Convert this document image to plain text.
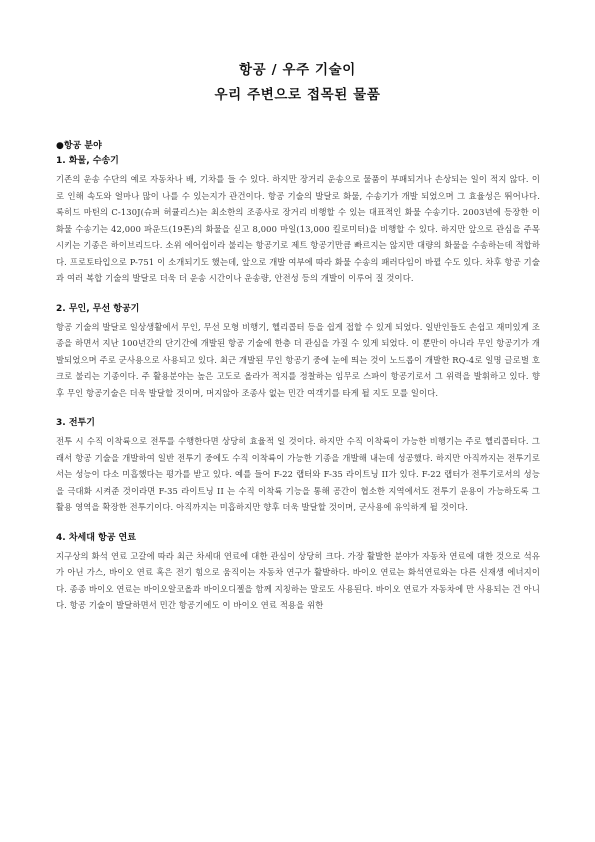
항공 / 우주 기술이
우리 주변으로 접목된 물품

●항공 분야

1. 화물, 수송기

기존의 운송 수단의 예로 자동차나 배, 기차를 들 수 있다. 하지만 장거리 운송으로 물품이 부패되거나 손상되는 일이 적지 않다. 이로 인해 속도와 얼마나 많이 나를 수 있는지가 관건이다. 항공 기술의 발달로 화물, 수송기가 개발 되었으며 그 효율성은 뛰어나다. 록히드 마틴의 C-130J(슈퍼 허큘리스)는 최소한의 조종사로 장거리 비행할 수 있는 대표적인 화물 수송기다. 2003년에 등장한 이 화물 수송기는 42,000 파운드(19톤)의 화물을 싣고 8,000 마일(13,000 킬로미터)을 비행할 수 있다. 하지만 앞으로 관심을 주목시키는 기종은 하이브리드다. 소위 에어쉽이라 불리는 항공기로 제트 항공기만큼 빠르지는 않지만 대량의 화물을 수송하는데 적합하다. 프로토타입으로 P-751 이 소개되기도 했는데, 앞으로 개발 여부에 따라 화물 수송의 패러다임이 바뀔 수도 있다. 차후 항공 기술과 여러 복합 기술의 발달로 더욱 더 운송 시간이나 운송량, 안전성 등의 개발이 이루어 질 것이다.

2. 무인, 무선 항공기

항공 기술의 발달로 일상생활에서 무인, 무선 모형 비행기, 헬리콥터 등을 쉽게 접할 수 있게 되었다. 일반인들도 손쉽고 재미있게 조종을 하면서 지난 100년간의 단기간에 개발된 항공 기술에 한층 더 관심을 가질 수 있게 되었다. 이 뿐만이 아니라 무인 항공기가 개발되었으며 주로 군사용으로 사용되고 있다. 최근 개발된 무인 항공기 중에 눈에 띄는 것이 노드롭이 개발한 RQ-4로 일명 글로벌 호크로 불리는 기종이다. 주 활용분야는 높은 고도로 올라가 적지를 정찰하는 임무로 스파이 항공기로서 그 위력을 발휘하고 있다. 향후 무인 항공기술은 더욱 발달할 것이며, 머지않아 조종사 없는 민간 여객기를 타게 될 지도 모를 일이다.

3. 전투기

전투 시 수직 이착륙으로 전투를 수행한다면 상당히 효율적 일 것이다. 하지만 수직 이착륙이 가능한 비행기는 주로 헬리콥터다. 그래서 항공 기술을 개발하여 일반 전투기 중에도 수직 이착륙이 가능한 기종을 개발해 내는데 성공했다. 하지만 아직까지는 전투기로서는 성능이 다소 미흡했다는 평가를 받고 있다. 예를 들어 F-22 랩터와 F-35 라이트닝 II가 있다. F-22 랩터가 전투기로서의 성능을 극대화 시켜준 것이라면 F-35 라이트닝 II 는 수직 이착륙 기능을 통해 공간이 협소한 지역에서도 전투기 운용이 가능하도록 그 활용 영역을 확장한 전투기이다. 아직까지는 미흡하지만 향후 더욱 발달할 것이며, 군사용에 유익하게 될 것이다.

4. 차세대 항공 연료

지구상의 화석 연료 고갈에 따라 최근 차세대 연료에 대한 관심이 상당히 크다. 가장 활발한 분야가 자동차 연료에 대한 것으로 석유가 아닌 가스, 바이오 연료 혹은 전기 힘으로 움직이는 자동차 연구가 활발하다. 바이오 연료는 화석연료와는 다른 신재생 에너지이다. 종종 바이오 연료는 바이오알코올과 바이오디젤을 함께 지칭하는 말로도 사용된다. 바이오 연료가 자동차에 만 사용되는 건 아니다. 항공 기술이 발달하면서 민간 항공기에도 이 바이오 연료 적용을 위한
